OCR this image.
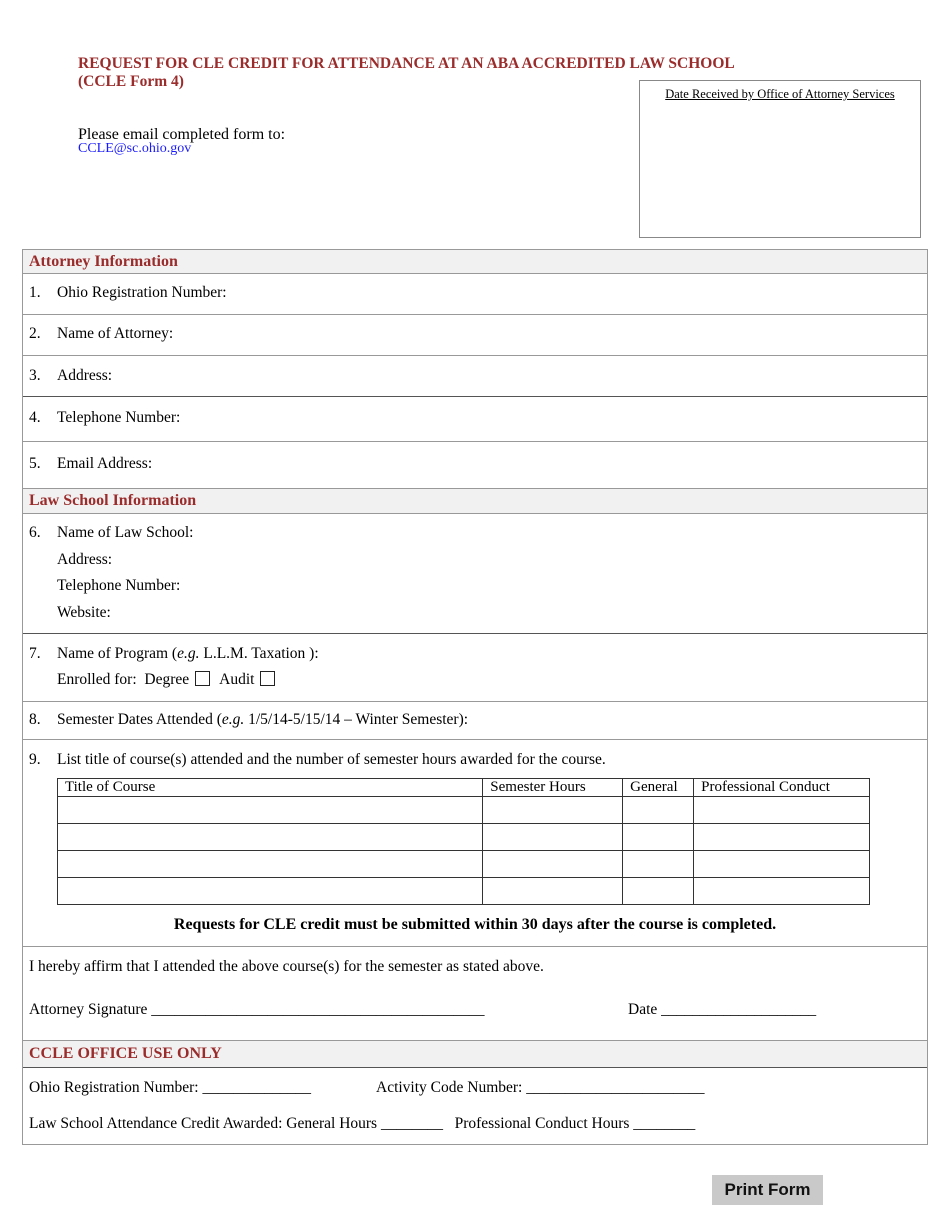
REQUEST FOR CLE CREDIT FOR ATTENDANCE AT AN ABA ACCREDITED LAW SCHOOL
(CCLE Form 4)
Please email completed form to:
CCLE@sc.ohio.gov
Date Received by Office of Attorney Services
Attorney Information
1. Ohio Registration Number:
2. Name of Attorney:
3. Address:
4. Telephone Number:
5. Email Address:
Law School Information
6. Name of Law School:
Address:
Telephone Number:
Website:
7. Name of Program (e.g. L.L.M. Taxation ):
Enrolled for: Degree Audit
8. Semester Dates Attended (e.g. 1/5/14-5/15/14 – Winter Semester):
9. List title of course(s) attended and the number of semester hours awarded for the course.
Title of Course	Semester Hours	General	Professional Conduct

Requests for CLE credit must be submitted within 30 days after the course is completed.
I hereby affirm that I attended the above course(s) for the semester as stated above.
Attorney Signature ___________________________________________	Date ____________________
CCLE OFFICE USE ONLY
Ohio Registration Number: ______________	Activity Code Number: _______________________
Law School Attendance Credit Awarded: General Hours ________ Professional Conduct Hours ________
Print Form
